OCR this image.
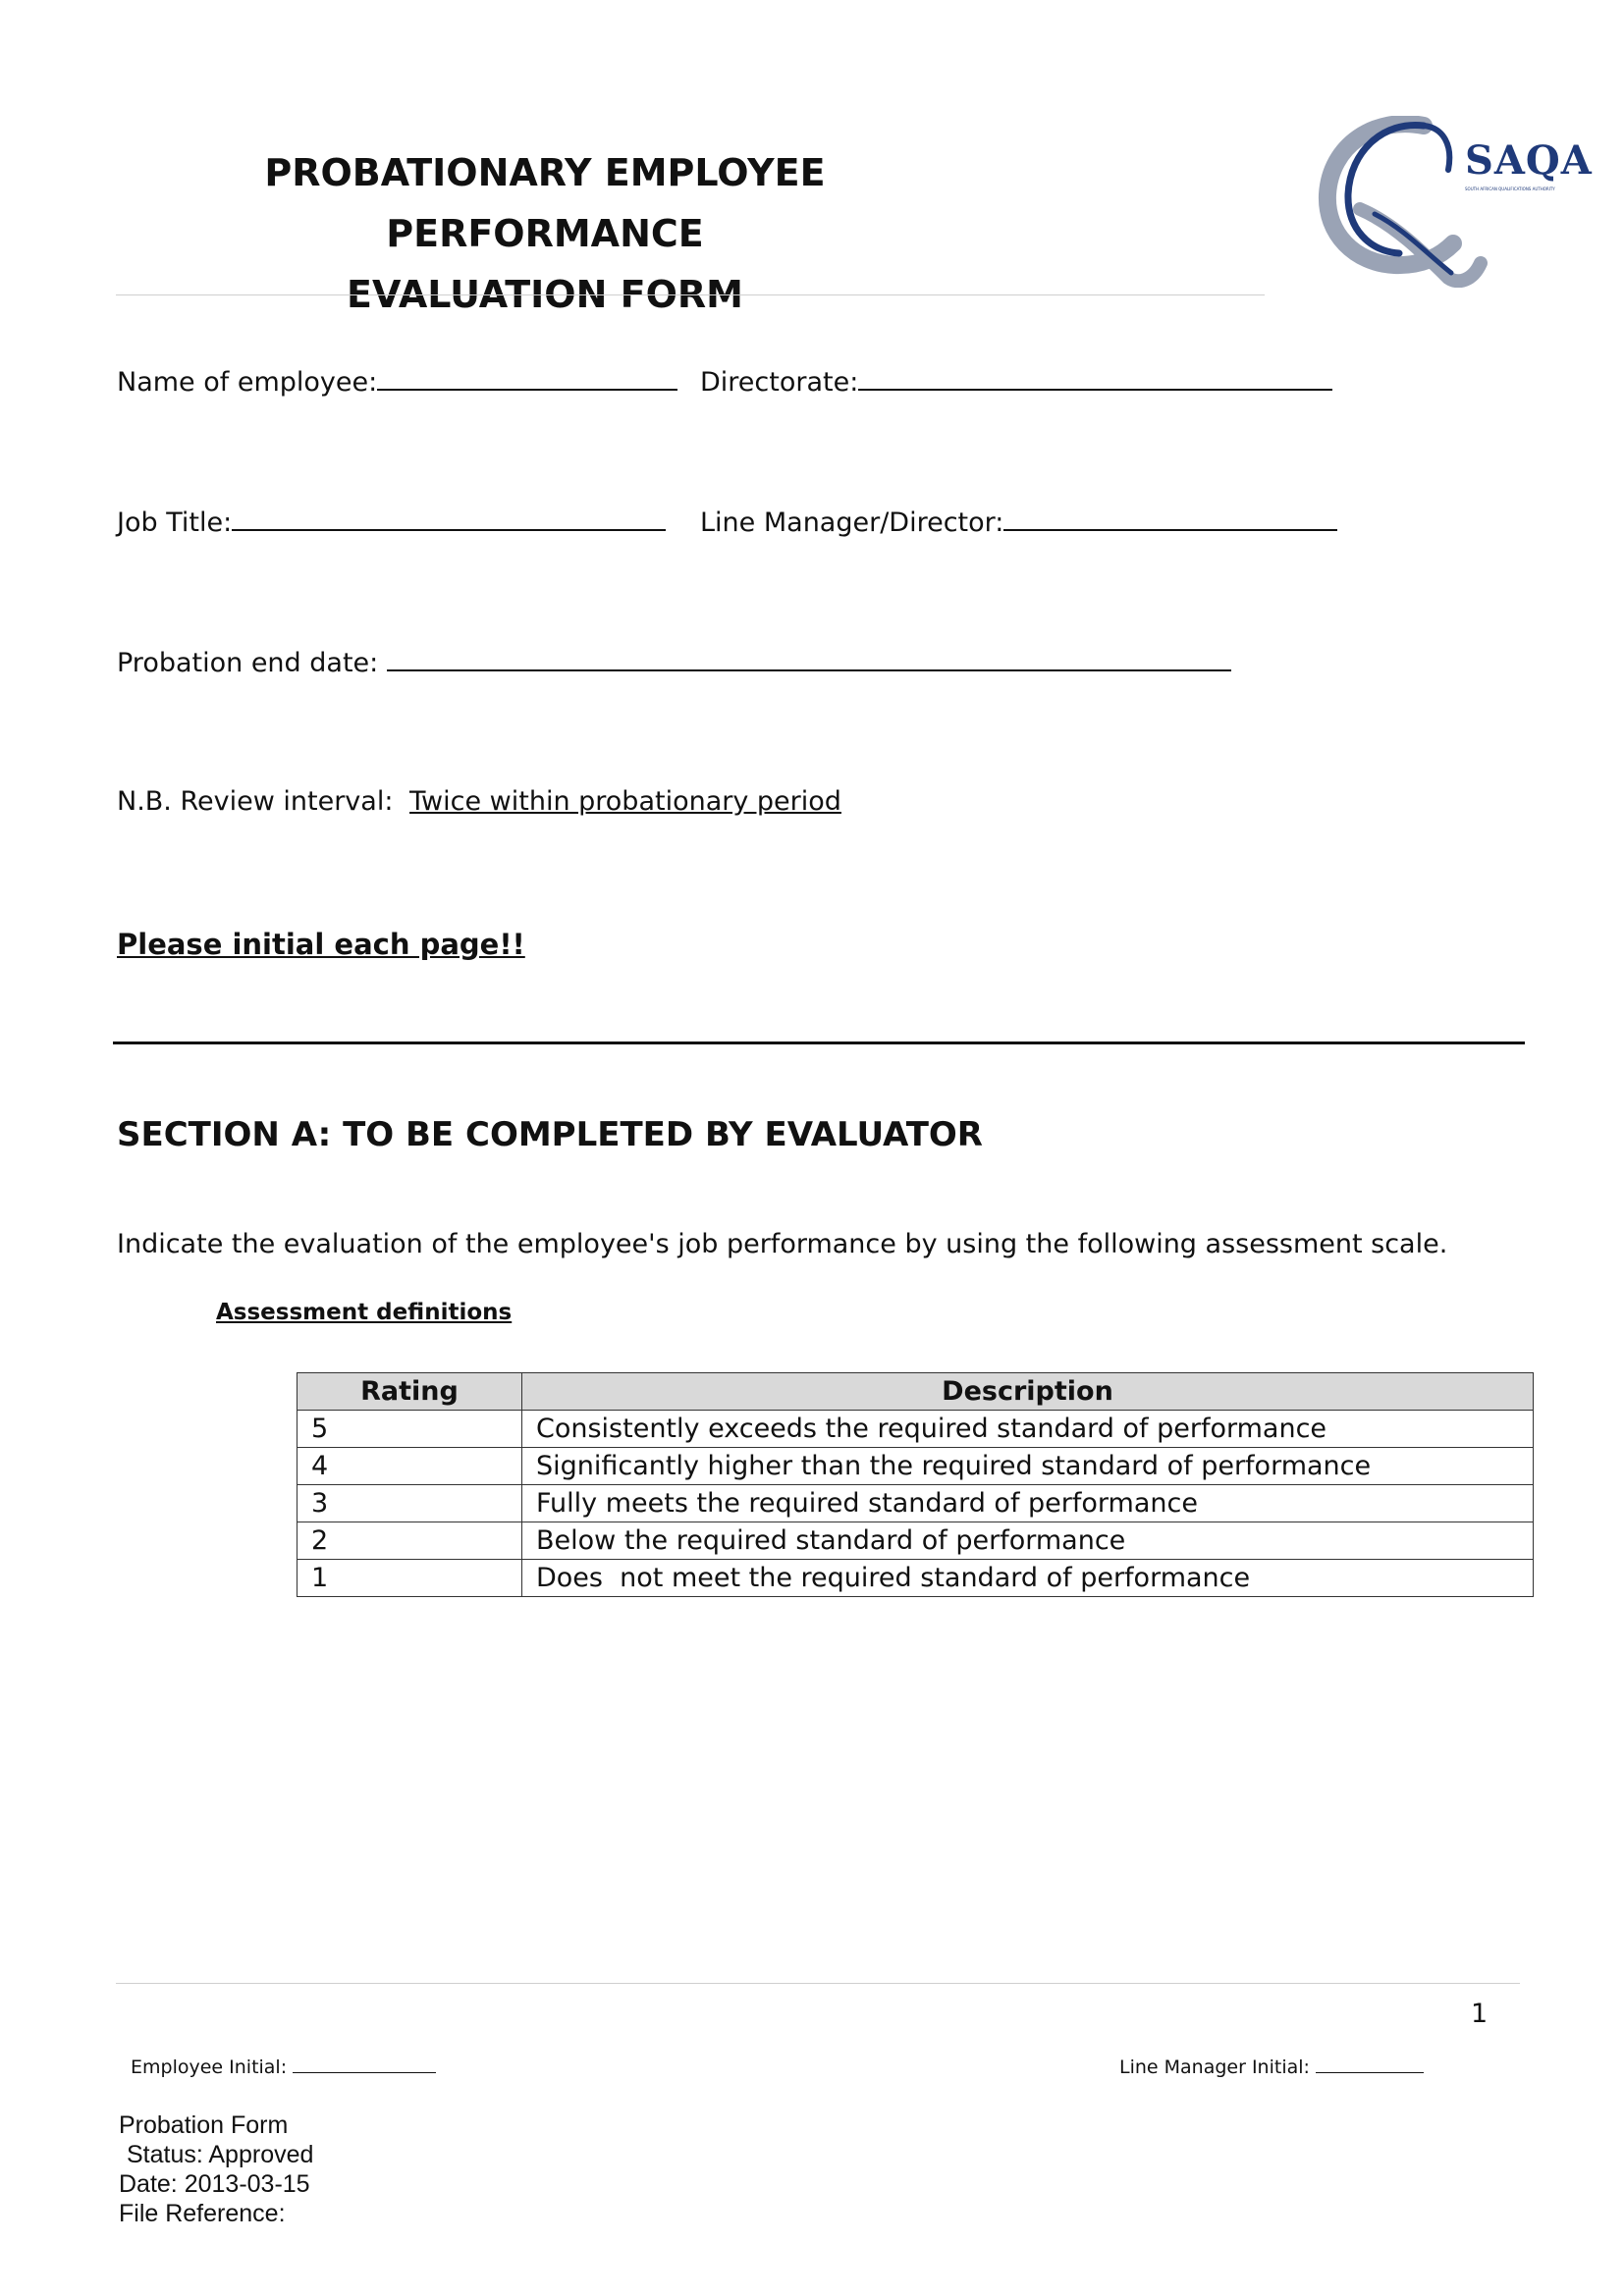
PROBATIONARY EMPLOYEE PERFORMANCE
EVALUATION FORM
SAQA
SOUTH AFRICAN QUALIFICATIONS AUTHORITY
Name of employee:	Directorate:
Job Title:	Line Manager/Director:
Probation end date:
N.B. Review interval: Twice within probationary period
Please initial each page!!
SECTION A: TO BE COMPLETED BY EVALUATOR
Indicate the evaluation of the employee's job performance by using the following assessment scale.
Assessment definitions
Rating	Description
5	Consistently exceeds the required standard of performance
4	Significantly higher than the required standard of performance
3	Fully meets the required standard of performance
2	Below the required standard of performance
1	Does  not meet the required standard of performance
1
Employee Initial:	Line Manager Initial:
Probation Form
Status: Approved
Date: 2013-03-15
File Reference:
